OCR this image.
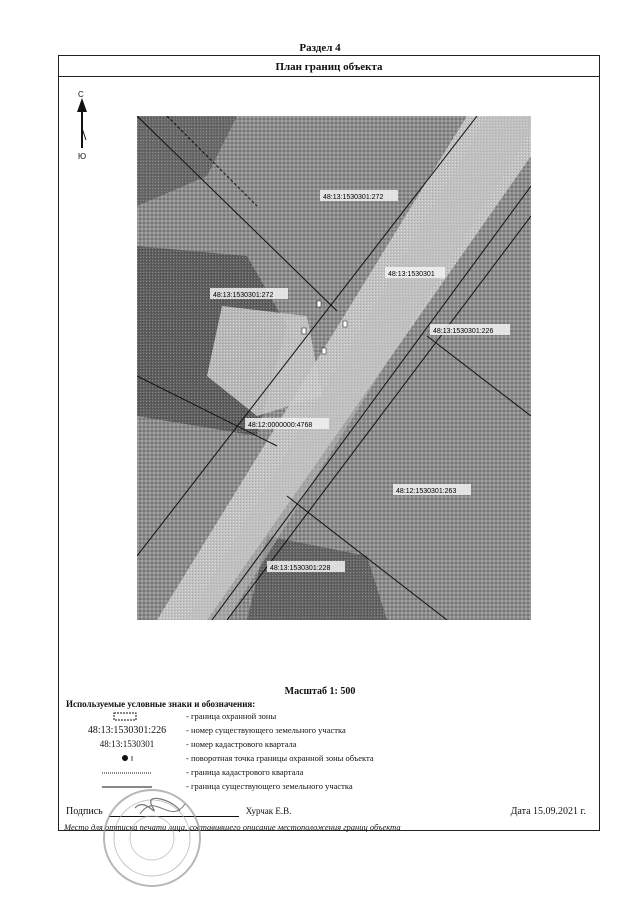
Раздел 4
План границ объекта
С
Ю
48:13:1530301:272
48:13:1530301
48:13:1530301:272
48:13:1530301:226
48:12:0000000:4768
48:12:1530301:263
48:13:1530301:228
Масштаб 1: 500
Используемые условные знаки и обозначения:
- граница охранной зоны
48:13:1530301:226	- номер существующего земельного участка
48:13:1530301	- номер кадастрового квартала
- поворотная точка границы охранной зоны объекта
- граница кадастрового квартала
- граница существующего земельного участка
Подпись	Хурчак Е.В.	Дата 15.09.2021 г.
Место для оттиска печати лица, составившего описание местоположения границ объекта
